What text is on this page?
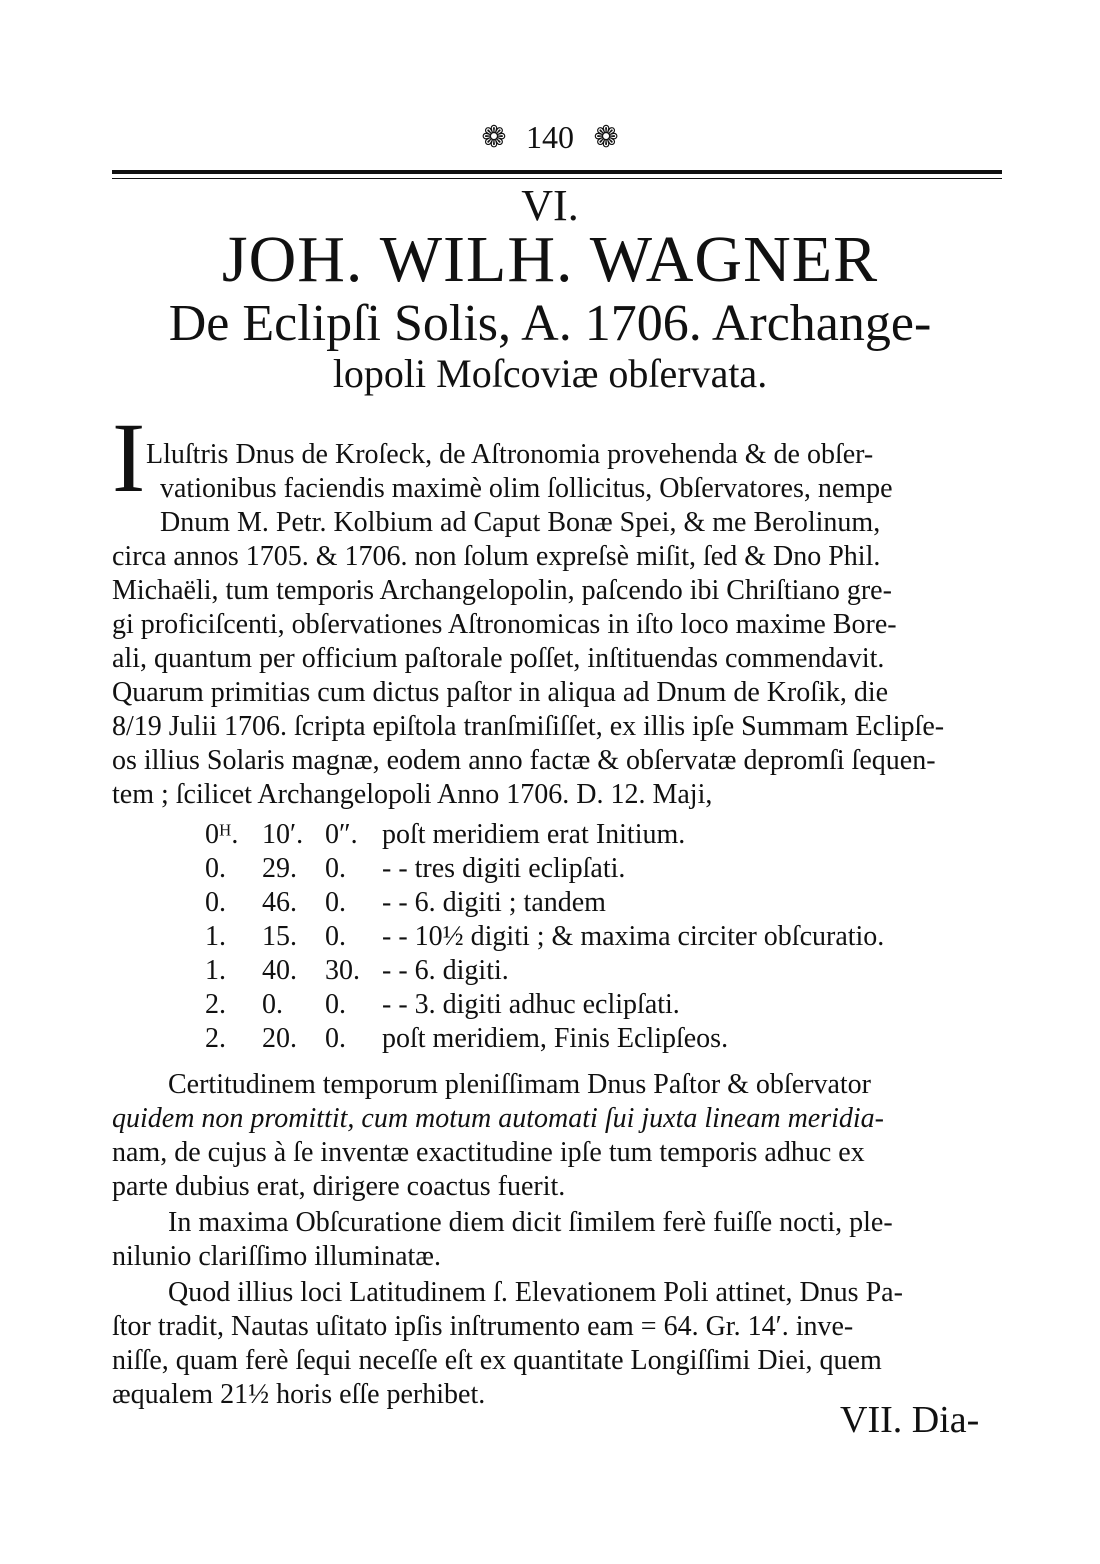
❁ 140 ❁
VI.
JOH. WILH. WAGNER
De Eclipſi Solis, A. 1706. Archange-
lopoli Moſcoviæ obſervata.
I Lluſtris Dnus de Kroſeck, de Aſtronomia provehenda & de obſer-
vationibus faciendis maximè olim ſollicitus, Obſervatores, nempe
Dnum M. Petr. Kolbium ad Caput Bonæ Spei, & me Berolinum,
circa annos 1705. & 1706. non ſolum expreſsè miſit, ſed & Dno Phil.
Michaëli, tum temporis Archangelopolin, paſcendo ibi Chriſtiano gre-
gi proficiſcenti, obſervationes Aſtronomicas in iſto loco maxime Bore-
ali, quantum per officium paſtorale poſſet, inſtituendas commendavit.
Quarum primitias cum dictus paſtor in aliqua ad Dnum de Kroſik, die
8/19 Julii 1706. ſcripta epiſtola tranſmiſiſſet, ex illis ipſe Summam Eclipſe-
os illius Solaris magnæ, eodem anno factæ & obſervatæ depromſi ſequen-
tem ; ſcilicet Archangelopoli Anno 1706. D. 12. Maji,
0ᴴ. 10′. 0″. poſt meridiem erat Initium.
0. 29. 0. - - tres digiti eclipſati.
0. 46. 0. - - 6. digiti ; tandem
1. 15. 0. - - 10½ digiti ; & maxima circiter obſcuratio.
1. 40. 30. - - 6. digiti.
2. 0. 0. - - 3. digiti adhuc eclipſati.
2. 20. 0. poſt meridiem, Finis Eclipſeos.
Certitudinem temporum pleniſſimam Dnus Paſtor & obſervator
quidem non promittit, cum motum automati ſui juxta lineam meridia-
nam, de cujus à ſe inventæ exactitudine ipſe tum temporis adhuc ex
parte dubius erat, dirigere coactus fuerit.
In maxima Obſcuratione diem dicit ſimilem ferè fuiſſe nocti, ple-
nilunio clariſſimo illuminatæ.
Quod illius loci Latitudinem ſ. Elevationem Poli attinet, Dnus Pa-
ſtor tradit, Nautas uſitato ipſis inſtrumento eam = 64. Gr. 14′. inve-
niſſe, quam ferè ſequi neceſſe eſt ex quantitate Longiſſimi Diei, quem
æqualem 21½ horis eſſe perhibet.
VII. Dia-
